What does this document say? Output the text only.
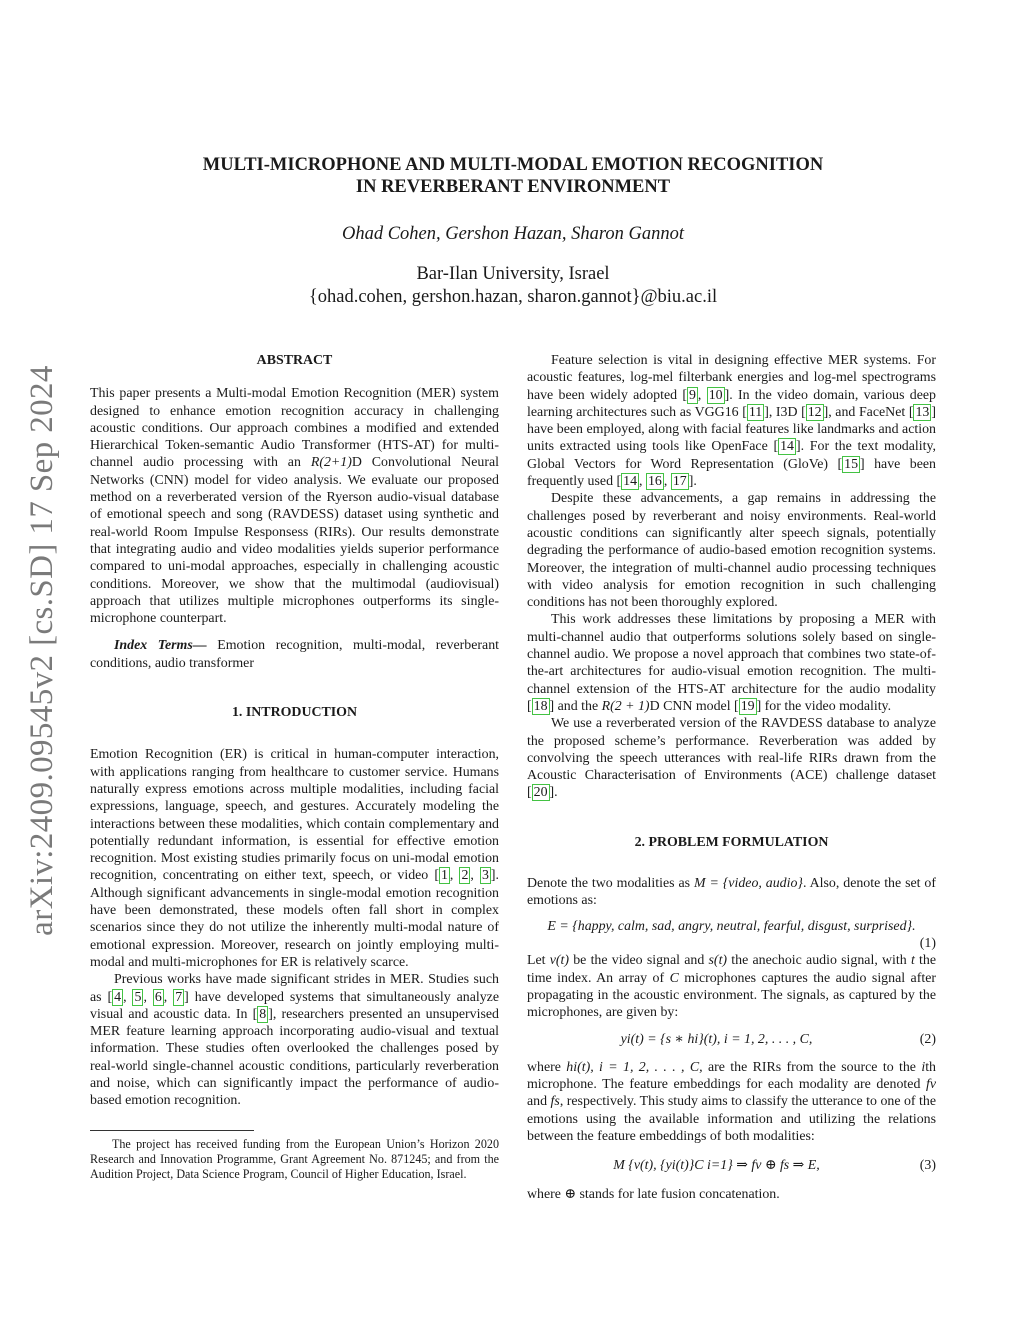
arXiv:2409.09545v2 [cs.SD] 17 Sep 2024

MULTI-MICROPHONE AND MULTI-MODAL EMOTION RECOGNITION
IN REVERBERANT ENVIRONMENT

Ohad Cohen, Gershon Hazan, Sharon Gannot
Bar-Ilan University, Israel
{ohad.cohen, gershon.hazan, sharon.gannot}@biu.ac.il

ABSTRACT

This paper presents a Multi-modal Emotion Recognition (MER) system designed to enhance emotion recognition accuracy in challenging acoustic conditions. Our approach combines a modified and extended Hierarchical Token-semantic Audio Transformer (HTS-AT) for multi-channel audio processing with an R(2+1)D Convolutional Neural Networks (CNN) model for video analysis. We evaluate our proposed method on a reverberated version of the Ryerson audio-visual database of emotional speech and song (RAVDESS) dataset using synthetic and real-world Room Impulse Responsess (RIRs). Our results demonstrate that integrating audio and video modalities yields superior performance compared to uni-modal approaches, especially in challenging acoustic conditions. Moreover, we show that the multimodal (audiovisual) approach that utilizes multiple microphones outperforms its single-microphone counterpart.

Index Terms— Emotion recognition, multi-modal, reverberant conditions, audio transformer

1. INTRODUCTION

Emotion Recognition (ER) is critical in human-computer interaction, with applications ranging from healthcare to customer service. Humans naturally express emotions across multiple modalities, including facial expressions, language, speech, and gestures. Accurately modeling the interactions between these modalities, which contain complementary and potentially redundant information, is essential for effective emotion recognition. Most existing studies primarily focus on uni-modal emotion recognition, concentrating on either text, speech, or video [ 1 , 2 , 3 ]. Although significant advancements in single-modal emotion recognition have been demonstrated, these models often fall short in complex scenarios since they do not utilize the inherently multi-modal nature of emotional expression. Moreover, research on jointly employing multi-modal and multi-microphones for ER is relatively scarce.

Previous works have made significant strides in MER. Studies such as [ 4 , 5 , 6 , 7 ] have developed systems that simultaneously analyze visual and acoustic data. In [ 8 ], researchers presented an unsupervised MER feature learning approach incorporating audio-visual and textual information. These studies often overlooked the challenges posed by real-world single-channel acoustic conditions, particularly reverberation and noise, which can significantly impact the performance of audio-based emotion recognition.

The project has received funding from the European Union’s Horizon 2020 Research and Innovation Programme, Grant Agreement No. 871245; and from the Audition Project, Data Science Program, Council of Higher Education, Israel.

Feature selection is vital in designing effective MER systems. For acoustic features, log-mel filterbank energies and log-mel spectrograms have been widely adopted [ 9 , 10 ]. In the video domain, various deep learning architectures such as VGG16 [ 11 ], I3D [ 12 ], and FaceNet [ 13 ] have been employed, along with facial features like landmarks and action units extracted using tools like OpenFace [ 14 ]. For the text modality, Global Vectors for Word Representation (GloVe) [ 15 ] have been frequently used [ 14 , 16 , 17 ].

Despite these advancements, a gap remains in addressing the challenges posed by reverberant and noisy environments. Real-world acoustic conditions can significantly alter speech signals, potentially degrading the performance of audio-based emotion recognition systems. Moreover, the integration of multi-channel audio processing techniques with video analysis for emotion recognition in such challenging conditions has not been thoroughly explored.

This work addresses these limitations by proposing a MER with multi-channel audio that outperforms solutions solely based on single-channel audio. We propose a novel approach that combines two state-of-the-art architectures for audio-visual emotion recognition. The multi-channel extension of the HTS-AT architecture for the audio modality [ 18 ] and the R(2 + 1)D CNN model [ 19 ] for the video modality.

We use a reverberated version of the RAVDESS database to analyze the proposed scheme’s performance. Reverberation was added by convolving the speech utterances with real-life RIRs drawn from the Acoustic Characterisation of Environments (ACE) challenge dataset [ 20 ].

2. PROBLEM FORMULATION

Denote the two modalities as M = {video, audio}. Also, denote the set of emotions as:

E = {happy, calm, sad, angry, neutral, fearful, disgust, surprised}.
(1)

Let v(t) be the video signal and s(t) the anechoic audio signal, with t the time index. An array of C microphones captures the audio signal after propagating in the acoustic environment. The signals, as captured by the microphones, are given by:

yi(t) = {s ∗ hi}(t), i = 1, 2, . . . , C,	(2)

where hi(t), i = 1, 2, . . . , C, are the RIRs from the source to the ith microphone. The feature embeddings for each modality are denoted fv and fs, respectively. This study aims to classify the utterance to one of the emotions using the available information and utilizing the relations between the feature embeddings of both modalities:

M {v(t), {yi(t)}C i=1} ⇒ fv ⊕ fs ⇒ E,	(3)

where ⊕ stands for late fusion concatenation.
